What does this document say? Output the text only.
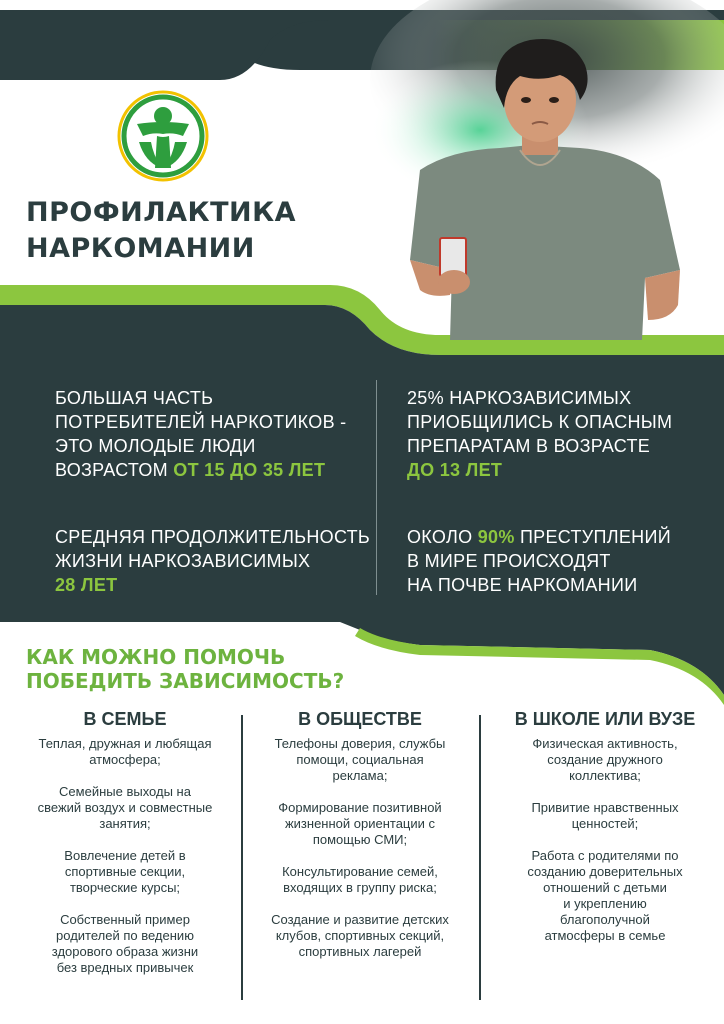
ПРОФИЛАКТИКА
НАРКОМАНИИ
БОЛЬШАЯ ЧАСТЬ
ПОТРЕБИТЕЛЕЙ НАРКОТИКОВ -
ЭТО МОЛОДЫЕ ЛЮДИ
ВОЗРАСТОМ ОТ 15 ДО 35 ЛЕТ
25% НАРКОЗАВИСИМЫХ
ПРИОБЩИЛИСЬ К ОПАСНЫМ
ПРЕПАРАТАМ В ВОЗРАСТЕ
ДО 13 ЛЕТ
СРЕДНЯЯ ПРОДОЛЖИТЕЛЬНОСТЬ
ЖИЗНИ НАРКОЗАВИСИМЫХ
28 ЛЕТ
ОКОЛО 90% ПРЕСТУПЛЕНИЙ
В МИРЕ ПРОИСХОДЯТ
НА ПОЧВЕ НАРКОМАНИИ
КАК МОЖНО ПОМОЧЬ
ПОБЕДИТЬ ЗАВИСИМОСТЬ?
В СЕМЬЕ
Теплая, дружная и любящая
атмосфера;
Семейные выходы на
свежий воздух и совместные
занятия;
Вовлечение детей в
спортивные секции,
творческие курсы;
Собственный пример
родителей по ведению
здорового образа жизни
без вредных привычек
В ОБЩЕСТВЕ
Телефоны доверия, службы
помощи, социальная
реклама;
Формирование позитивной
жизненной ориентации с
помощью СМИ;
Консультирование семей,
входящих в группу риска;
Создание и развитие детских
клубов, спортивных секций,
спортивных лагерей
В ШКОЛЕ ИЛИ ВУЗЕ
Физическая активность,
создание дружного
коллектива;
Привитие нравственных
ценностей;
Работа с родителями по
созданию доверительных
отношений с детьми
и укреплению
благополучной
атмосферы в семье
